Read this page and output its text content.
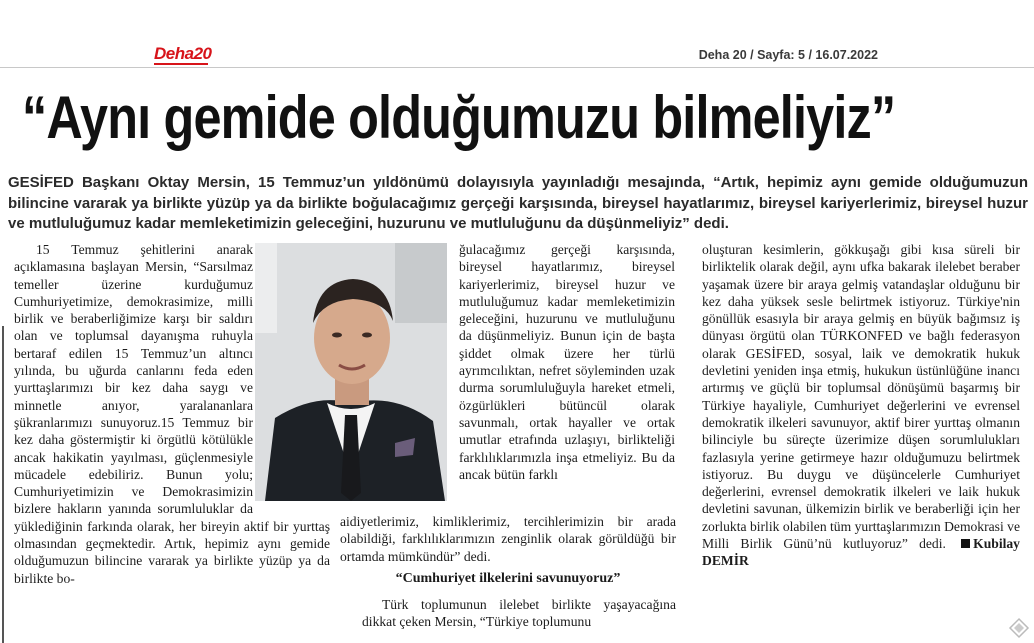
Deha20	Deha 20 / Sayfa: 5 / 16.07.2022
“Aynı gemide olduğumuzu bilmeliyiz”
GESİFED Başkanı Oktay Mersin, 15 Temmuz’un yıldönümü dolayısıyla yayınladığı mesajında, “Artık, hepimiz aynı gemide olduğumuzun bilincine vararak ya birlikte yüzüp ya da birlikte boğulacağımız gerçeği karşısında, bireysel hayatlarımız, bireysel kariyerlerimiz, bireysel huzur ve mutluluğumuz kadar memleketimizin geleceğini, huzurunu ve mutluluğunu da düşünmeliyiz” dedi.

15 Temmuz şehitlerini anarak açıklamasına başlayan Mersin, “Sarsılmaz temeller üzerine kurduğumuz Cumhuriyetimize, demokrasimize, milli birlik ve beraberliğimize karşı bir saldırı olan ve toplumsal dayanışma ruhuyla bertaraf edilen 15 Temmuz’un altıncı yılında, bu uğurda canlarını feda eden yurttaşlarımızı bir kez daha saygı ve minnetle anıyor, yaralananlara şükranlarımızı sunuyoruz.15 Temmuz bir kez daha göstermiştir ki örgütlü kötülükle ancak hakikatin yayılması, güçlenmesiyle mücadele edebiliriz. Bunun yolu; Cumhuriyetimizin ve Demokrasimizin bizlere hakların yanında sorumluluklar da yüklediğinin farkında olarak, her bireyin aktif bir yurttaş olmasından geçmektedir. Artık, hepimiz aynı gemide olduğumuzun bilincine vararak ya birlikte yüzüp ya da birlikte bo-

ğulacağımız gerçeği karşısında, bireysel hayatlarımız, bireysel kariyerlerimiz, bireysel huzur ve mutluluğumuz kadar memleketimizin geleceğini, huzurunu ve mutluluğunu da düşünmeliyiz. Bunun için de başta şiddet olmak üzere her türlü ayrımcılıktan, nefret söyleminden uzak durma sorumluluğuyla hareket etmeli, özgürlükleri bütüncül olarak savunmalı, ortak hayaller ve ortak umutlar etrafında uzlaşıyı, birlikteliği farklılıklarımızla inşa etmeliyiz. Bu da ancak bütün farklı

aidiyetlerimiz, kimliklerimiz, tercihlerimizin bir arada olabildiği, farklılıklarımızın zenginlik olarak görüldüğü bir ortamda mümkündür” dedi.

“Cumhuriyet ilkelerini savunuyoruz”

Türk toplumunun ilelebet birlikte yaşayacağına dikkat çeken Mersin, “Türkiye toplumunu

oluşturan kesimlerin, gökkuşağı gibi kısa süreli bir birliktelik olarak değil, aynı ufka bakarak ilelebet beraber yaşamak üzere bir araya gelmiş vatandaşlar olduğunu bir kez daha yüksek sesle belirtmek istiyoruz. Türkiye'nin gönüllük esasıyla bir araya gelmiş en büyük bağımsız iş dünyası örgütü olan TÜRKONFED ve bağlı federasyon olarak GESİFED, sosyal, laik ve demokratik hukuk devletini yeniden inşa etmiş, hukukun üstünlüğüne inancı artırmış ve güçlü bir toplumsal dönüşümü başarmış bir Türkiye hayaliyle, Cumhuriyet değerlerini ve evrensel demokratik ilkeleri savunuyor, aktif birer yurttaş olmanın bilinciyle bu süreçte üzerimize düşen sorumlulukları fazlasıyla yerine getirmeye hazır olduğumuzu belirtmek istiyoruz. Bu duygu ve düşüncelerle Cumhuriyet değerlerini, evrensel demokratik ilkeleri ve laik hukuk devletini savunan, ülkemizin birlik ve beraberliği için her zorlukta birlik olabilen tüm yurttaşlarımızın Demokrasi ve Milli Birlik Günü’nü kutluyoruz” dedi. Kubilay DEMİR
